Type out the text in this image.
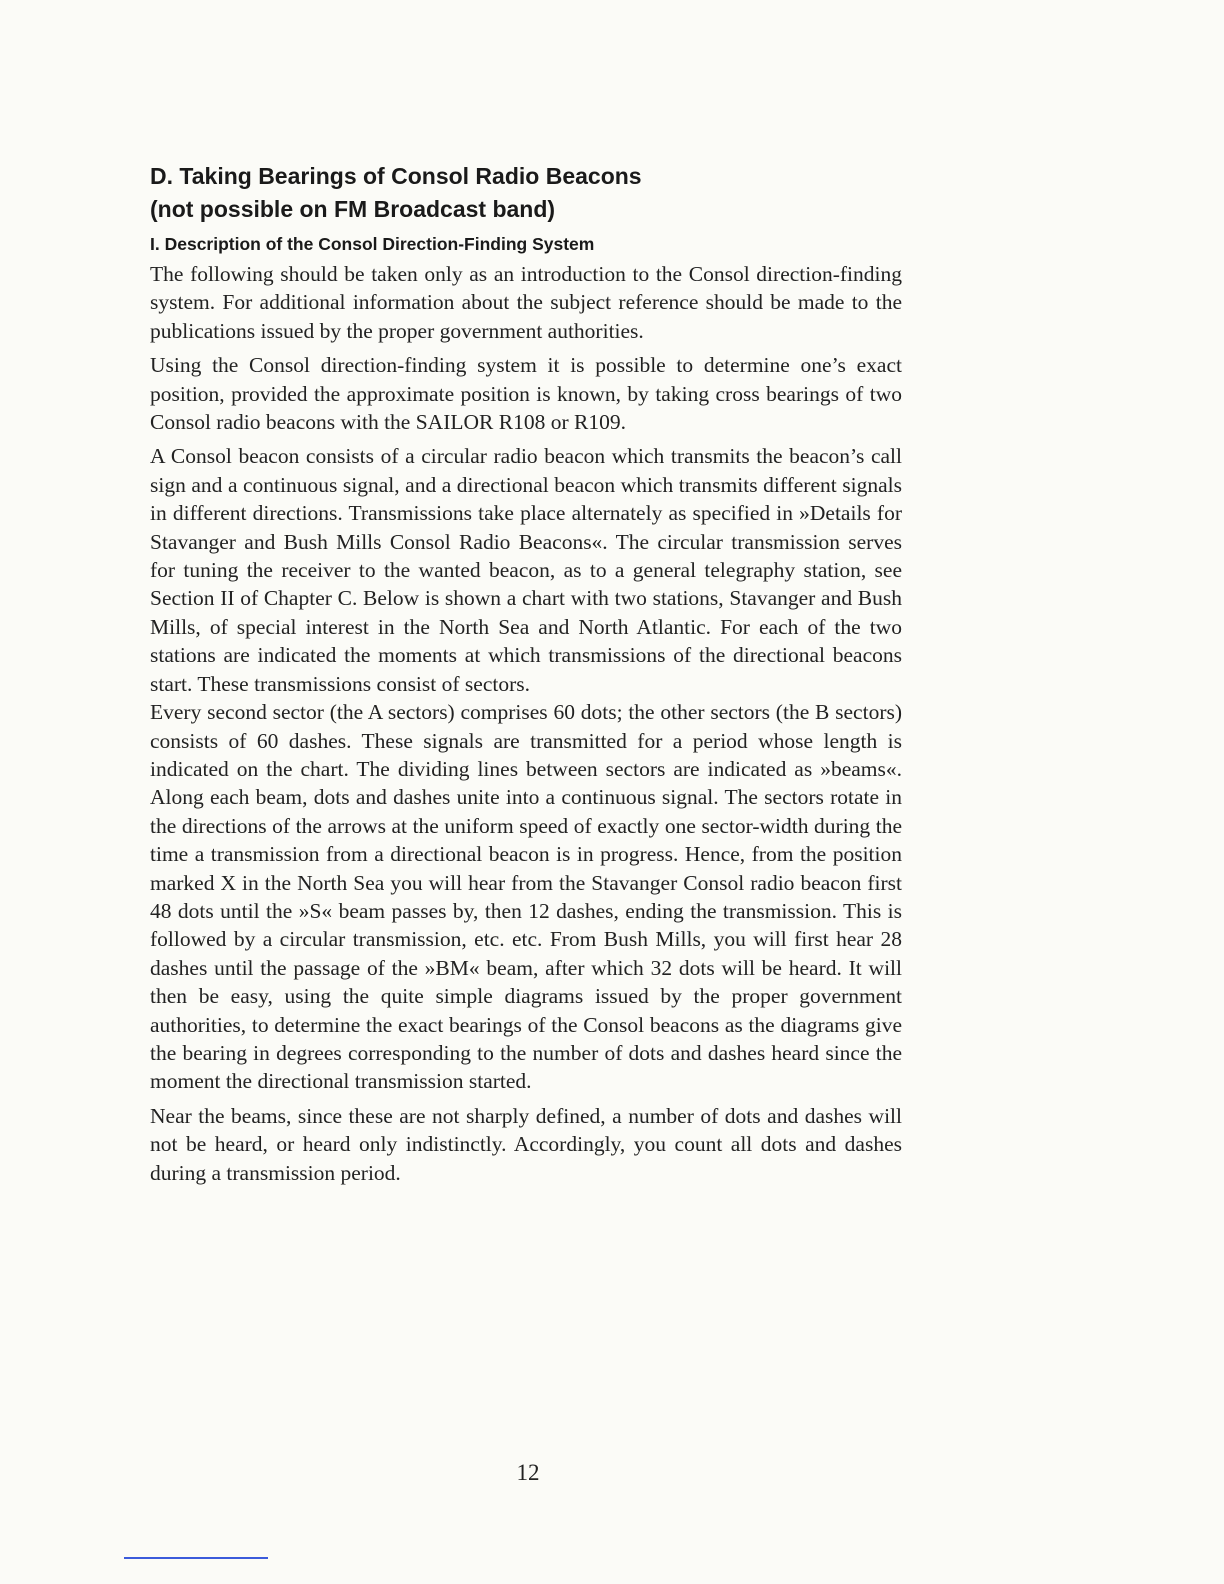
D. Taking Bearings of Consol Radio Beacons
(not possible on FM Broadcast band)
I. Description of the Consol Direction-Finding System

The following should be taken only as an introduction to the Consol direction-finding system. For additional information about the subject reference should be made to the publications issued by the proper government authorities.

Using the Consol direction-finding system it is possible to determine one’s exact position, provided the approximate position is known, by taking cross bearings of two Consol radio beacons with the SAILOR R108 or R109.

A Consol beacon consists of a circular radio beacon which transmits the beacon’s call sign and a continuous signal, and a directional beacon which transmits different signals in different directions. Transmissions take place alternately as specified in »Details for Stavanger and Bush Mills Consol Radio Beacons«. The circular transmission serves for tuning the receiver to the wanted beacon, as to a general telegraphy station, see Section II of Chapter C. Below is shown a chart with two stations, Stavanger and Bush Mills, of special interest in the North Sea and North Atlantic. For each of the two stations are indicated the moments at which transmissions of the directional beacons start. These transmissions consist of sectors.

Every second sector (the A sectors) comprises 60 dots; the other sectors (the B sectors) consists of 60 dashes. These signals are transmitted for a period whose length is indicated on the chart. The dividing lines between sectors are indicated as »beams«. Along each beam, dots and dashes unite into a continuous signal. The sectors rotate in the directions of the arrows at the uniform speed of exactly one sector-width during the time a transmission from a directional beacon is in progress. Hence, from the position marked X in the North Sea you will hear from the Stavanger Consol radio beacon first 48 dots until the »S« beam passes by, then 12 dashes, ending the transmission. This is followed by a circular transmission, etc. etc. From Bush Mills, you will first hear 28 dashes until the passage of the »BM« beam, after which 32 dots will be heard. It will then be easy, using the quite simple diagrams issued by the proper government authorities, to determine the exact bearings of the Consol beacons as the diagrams give the bearing in degrees corresponding to the number of dots and dashes heard since the moment the directional transmission started.

Near the beams, since these are not sharply defined, a number of dots and dashes will not be heard, or heard only indistinctly. Accordingly, you count all dots and dashes during a transmission period.

12
